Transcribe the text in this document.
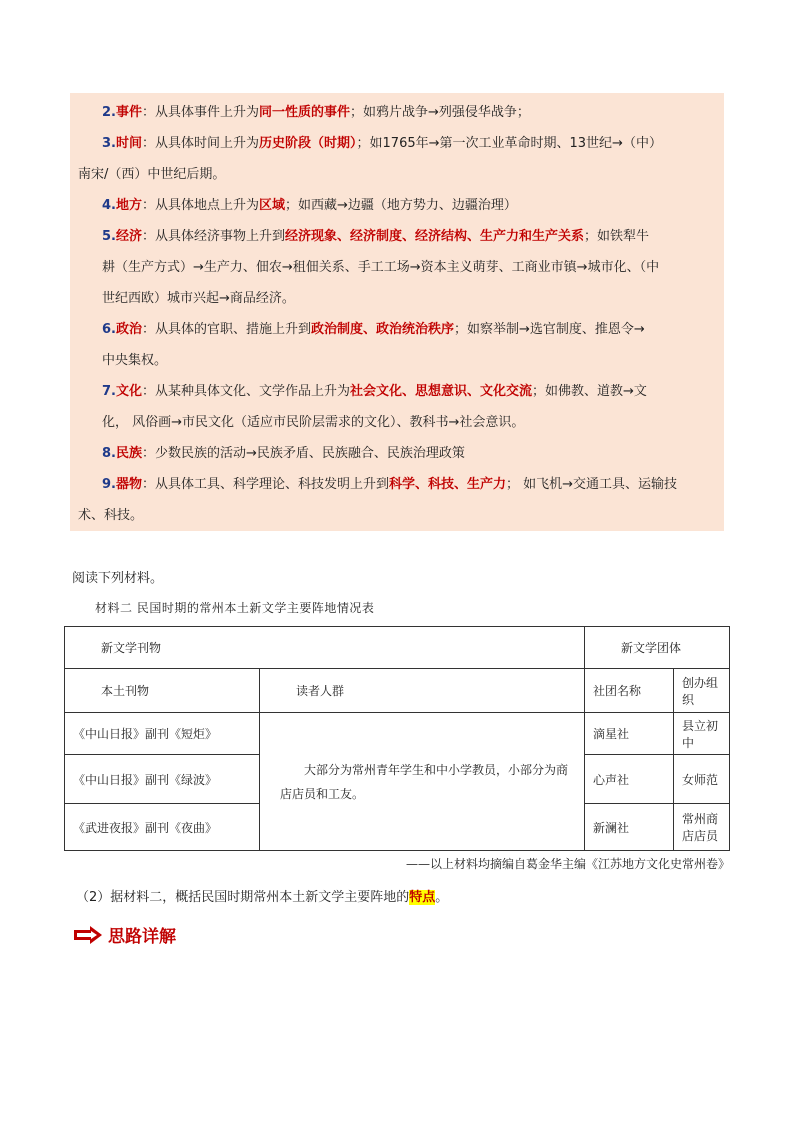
2.事件：从具体事件上升为同一性质的事件；如鸦片战争→列强侵华战争；
3.时间：从具体时间上升为历史阶段（时期）；如1765年→第一次工业革命时期、13世纪→（中）
南宋/（西）中世纪后期。
4.地方：从具体地点上升为区域；如西藏→边疆（地方势力、边疆治理）
5.经济：从具体经济事物上升到经济现象、经济制度、经济结构、生产力和生产关系；如铁犁牛
耕（生产方式）→生产力、佃农→租佃关系、手工工场→资本主义萌芽、工商业市镇→城市化、（中
世纪西欧）城市兴起→商品经济。
6.政治：从具体的官职、措施上升到政治制度、政治统治秩序；如察举制→选官制度、推恩令→
中央集权。
7.文化：从某种具体文化、文学作品上升为社会文化、思想意识、文化交流；如佛教、道教→文
化， 风俗画→市民文化（适应市民阶层需求的文化）、教科书→社会意识。
8.民族：少数民族的活动→民族矛盾、民族融合、民族治理政策
9.器物：从具体工具、科学理论、科技发明上升到科学、科技、生产力； 如飞机→交通工具、运输技
术、科技。
阅读下列材料。
材料二 民国时期的常州本土新文学主要阵地情况表
新文学刊物		新文学团体	
本土刊物	读者人群	社团名称	创办组织
《中山日报》副刊《短炬》	大部分为常州青年学生和中小学教员，小部分为商店店员和工友。	滴星社	县立初中
《中山日报》副刊《绿波》		心声社	女师范
《武进夜报》副刊《夜曲》		新澜社	常州商店店员
——以上材料均摘编自葛金华主编《江苏地方文化史常州卷》
（2）据材料二，概括民国时期常州本土新文学主要阵地的特点。
思路详解
